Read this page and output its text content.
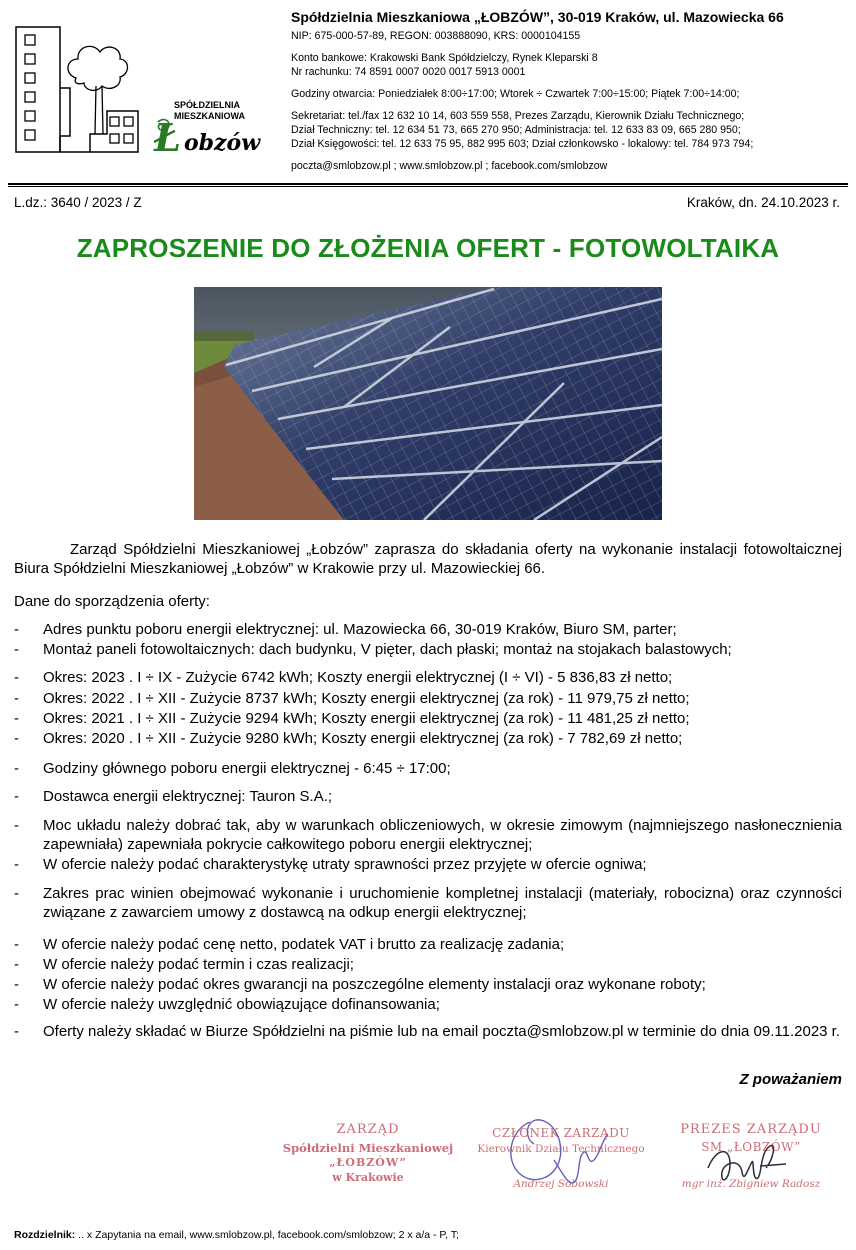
SPÓŁDZIELNIA
MIESZKANIOWA
Ł obzów
Spółdzielnia Mieszkaniowa „ŁOBZÓW”, 30-019 Kraków, ul. Mazowiecka 66
NIP: 675-000-57-89, REGON: 003888090, KRS: 0000104155
Konto bankowe: Krakowski Bank Spółdzielczy, Rynek Kleparski 8
Nr rachunku: 74 8591 0007 0020 0017 5913 0001
Godziny otwarcia: Poniedziałek 8:00÷17:00; Wtorek ÷ Czwartek 7:00÷15:00; Piątek 7:00÷14:00;
Sekretariat: tel./fax 12 632 10 14, 603 559 558, Prezes Zarządu, Kierownik Działu Technicznego;
Dział Techniczny: tel. 12 634 51 73, 665 270 950; Administracja: tel. 12 633 83 09, 665 280 950;
Dział Księgowości: tel. 12 633 75 95, 882 995 603; Dział członkowsko - lokalowy: tel. 784 973 794;
poczta@smlobzow.pl ; www.smlobzow.pl ; facebook.com/smlobzow
L.dz.: 3640 / 2023 / Z	Kraków, dn. 24.10.2023 r.
ZAPROSZENIE DO ZŁOŻENIA OFERT - FOTOWOLTAIKA
Zarząd Spółdzielni Mieszkaniowej „Łobzów” zaprasza do składania oferty na wykonanie instalacji fotowoltaicznej Biura Spółdzielni Mieszkaniowej „Łobzów” w Krakowie przy ul. Mazowieckiej 66.
Dane do sporządzenia oferty:
- Adres punktu poboru energii elektrycznej: ul. Mazowiecka 66, 30-019 Kraków, Biuro SM, parter;
- Montaż paneli fotowoltaicznych: dach budynku, V pięter, dach płaski; montaż na stojakach balastowych;
- Okres: 2023 . I ÷ IX - Zużycie 6742 kWh; Koszty energii elektrycznej (I ÷ VI) - 5 836,83 zł netto;
- Okres: 2022 . I ÷ XII - Zużycie 8737 kWh; Koszty energii elektrycznej (za rok) - 11 979,75 zł netto;
- Okres: 2021 . I ÷ XII - Zużycie 9294 kWh; Koszty energii elektrycznej (za rok) - 11 481,25 zł netto;
- Okres: 2020 . I ÷ XII - Zużycie 9280 kWh; Koszty energii elektrycznej (za rok) - 7 782,69 zł netto;
- Godziny głównego poboru energii elektrycznej - 6:45 ÷ 17:00;
- Dostawca energii elektrycznej: Tauron S.A.;
- Moc układu należy dobrać tak, aby w warunkach obliczeniowych, w okresie zimowym (najmniejszego nasłonecznienia zapewniała) zapewniała pokrycie całkowitego poboru energii elektrycznej;
- W ofercie należy podać charakterystykę utraty sprawności przez przyjęte w ofercie ogniwa;
- Zakres prac winien obejmować wykonanie i uruchomienie kompletnej instalacji (materiały, robocizna) oraz czynności związane z zawarciem umowy z dostawcą na odkup energii elektrycznej;
- W ofercie należy podać cenę netto, podatek VAT i brutto za realizację zadania;
- W ofercie należy podać termin i czas realizacji;
- W ofercie należy podać okres gwarancji na poszczególne elementy instalacji oraz wykonane roboty;
- W ofercie należy uwzględnić obowiązujące dofinansowania;
- Oferty należy składać w Biurze Spółdzielni na piśmie lub na email poczta@smlobzow.pl w terminie do dnia 09.11.2023 r.
Z poważaniem
ZARZĄD
Spółdzielni Mieszkaniowej
„ŁOBZÓW”
w Krakowie
CZŁONEK ZARZĄDU
Kierownik Działu Technicznego
Andrzej Sobowski
PREZES ZARZĄDU
SM „ŁOBZÓW”
mgr inż. Zbigniew Radosz
Rozdzielnik: .. x Zapytania na email, www.smlobzow.pl, facebook.com/smlobzow; 2 x a/a - P, T;
